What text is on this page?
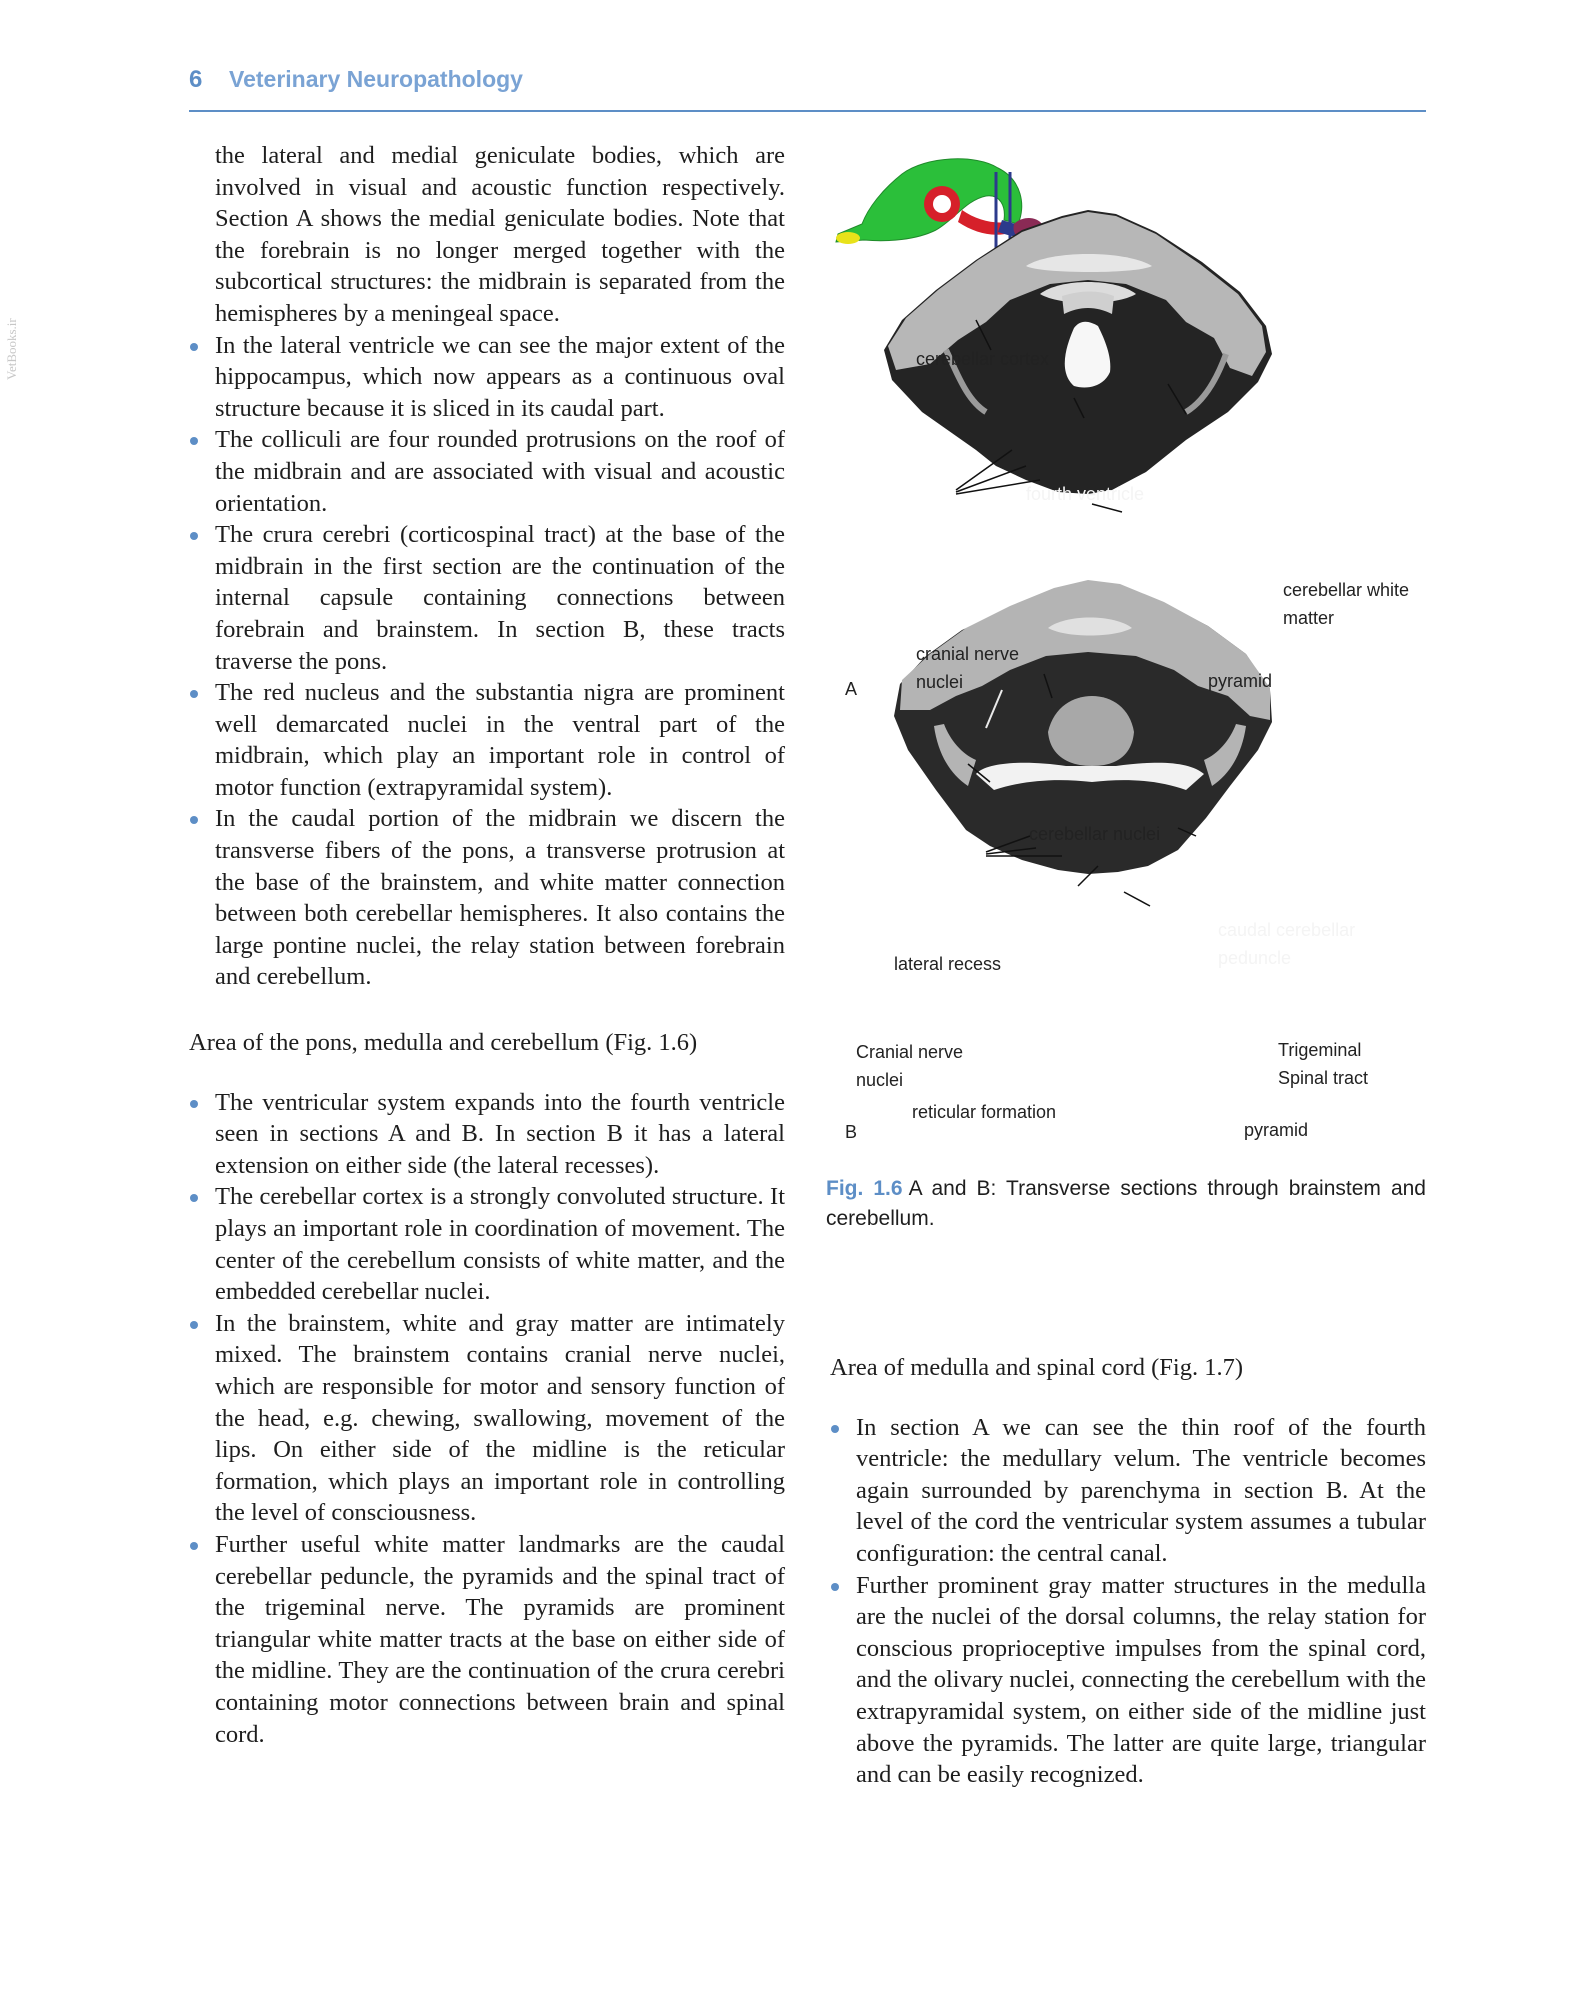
6 Veterinary Neuropathology
VetBooks.ir

the lateral and medial geniculate bodies, which are involved in visual and acoustic function respectively. Section A shows the medial geniculate bodies. Note that the forebrain is no longer merged together with the subcortical structures: the midbrain is separated from the hemispheres by a meningeal space.

In the lateral ventricle we can see the major extent of the hippocampus, which now appears as a continuous oval structure because it is sliced in its caudal part.
The colliculi are four rounded protrusions on the roof of the midbrain and are associated with visual and acoustic orientation.
The crura cerebri (corticospinal tract) at the base of the midbrain in the first section are the continuation of the internal capsule containing connections between forebrain and brainstem. In section B, these tracts traverse the pons.
The red nucleus and the substantia nigra are prominent well demarcated nuclei in the ventral part of the midbrain, which play an important role in control of motor function (extrapyramidal system).
In the caudal portion of the midbrain we discern the transverse fibers of the pons, a transverse protrusion at the base of the brainstem, and white matter connection between both cerebellar hemispheres. It also contains the large pontine nuclei, the relay station between forebrain and cerebellum.

Area of the pons, medulla and cerebellum (Fig. 1.6)

The ventricular system expands into the fourth ventricle seen in sections A and B. In section B it has a lateral extension on either side (the lateral recesses).
The cerebellar cortex is a strongly convoluted structure. It plays an important role in coordination of movement. The center of the cerebellum consists of white matter, and the embedded cerebellar nuclei.
In the brainstem, white and gray matter are intimately mixed. The brainstem contains cranial nerve nuclei, which are responsible for motor and sensory function of the head, e.g. chewing, swallowing, movement of the lips. On either side of the midline is the reticular formation, which plays an important role in controlling the level of consciousness.
Further useful white matter landmarks are the caudal cerebellar peduncle, the pyramids and the spinal tract of the trigeminal nerve. The pyramids are prominent triangular white matter tracts at the base on either side of the midline. They are the continuation of the crura cerebri containing motor connections between brain and spinal cord.
cerebellar cortex
fourth ventricle
cerebellar white matter
cranial nerve nuclei	pyramid
A
cerebellar nuclei
caudal cerebellar peduncle
lateral recess
Cranial nerve nuclei
Trigeminal Spinal tract
reticular formation
pyramid
B
Fig. 1.6 A and B: Transverse sections through brainstem and cerebellum.

Area of medulla and spinal cord (Fig. 1.7)

In section A we can see the thin roof of the fourth ventricle: the medullary velum. The ventricle becomes again surrounded by parenchyma in section B. At the level of the cord the ventricular system assumes a tubular configuration: the central canal.
Further prominent gray matter structures in the medulla are the nuclei of the dorsal columns, the relay station for conscious proprioceptive impulses from the spinal cord, and the olivary nuclei, connecting the cerebellum with the extrapyramidal system, on either side of the midline just above the pyramids. The latter are quite large, triangular and can be easily recognized.
